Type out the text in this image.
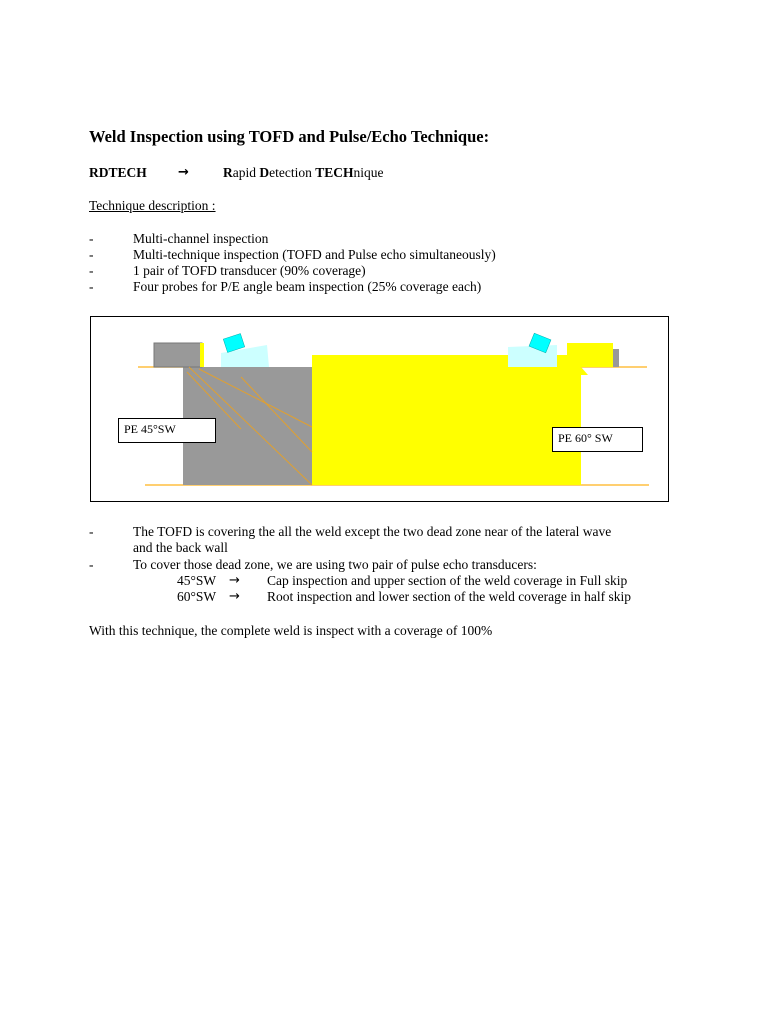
Weld Inspection using TOFD and Pulse/Echo Technique:
RDTECH →	Rapid Detection TECHnique
Technique description :
-	Multi-channel inspection
-	Multi-technique inspection (TOFD and Pulse echo simultaneously)
-	1 pair of TOFD transducer (90% coverage)
-	Four probes for P/E angle beam inspection (25% coverage each)
PE 45°SW
PE 60° SW
-	The TOFD is covering the all the weld except the two dead zone near of the lateral wave
and the back wall
-	To cover those dead zone, we are using two pair of pulse echo transducers:
45°SW → Cap inspection and upper section of the weld coverage in Full skip
60°SW → Root inspection and lower section of the weld coverage in half skip
With this technique, the complete weld is inspect with a coverage of 100%
